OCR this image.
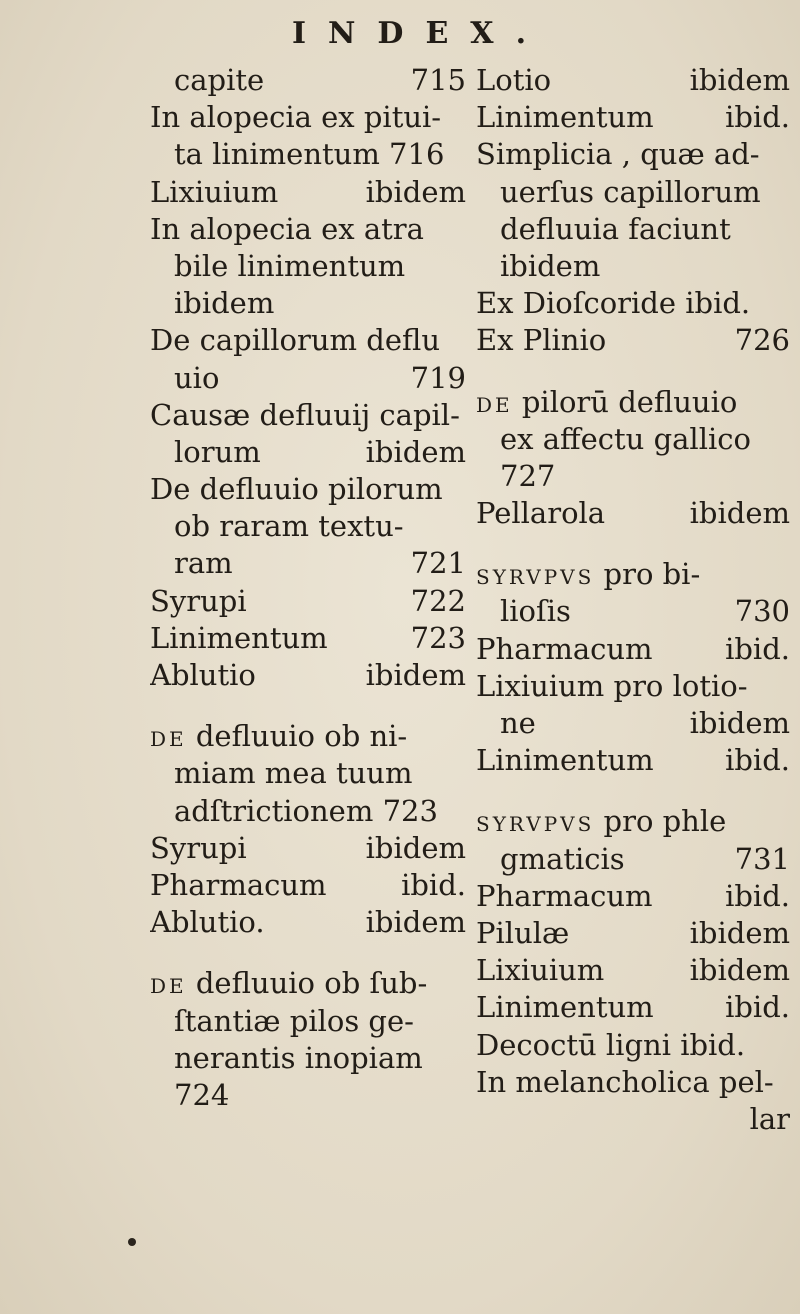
INDEX.
capite	715
In alopecia ex pitui-
ta linimentum 716
Lixiuium	ibidem
In alopecia ex atra
bile linimentum
ibidem
De capillorum deflu
uio	719
Causæ defluuij capil-
lorum	ibidem
De defluuio pilorum
ob raram textu-
ram	721
Syrupi	722
Linimentum	723
Ablutio	ibidem
DE defluuio ob ni-
miam mea tuum
adſtrictionem 723
Syrupi	ibidem
Pharmacum	ibid.
Ablutio.	ibidem
DE defluuio ob ſub-
ſtantiæ pilos ge-
nerantis inopiam
724
Lotio	ibidem
Linimentum ibid.
Simplicia , quæ ad-
uerſus capillorum
defluuia faciunt
ibidem
Ex Dioſcoride ibid.
Ex Plinio	726
DE pilorū defluuio
ex affectu gallico
727
Pellarola	ibidem
SYRVPVS pro bi-
lioſis	730
Pharmacum	ibid.
Lixiuium pro lotio-
ne	ibidem
Linimentum ibid.
SYRVPVS pro phle
gmaticis	731
Pharmacum	ibid.
Pilulæ	ibidem
Lixiuium	ibidem
Linimentum ibid.
Decoctū ligni ibid.
In melancholica pel-
lar
